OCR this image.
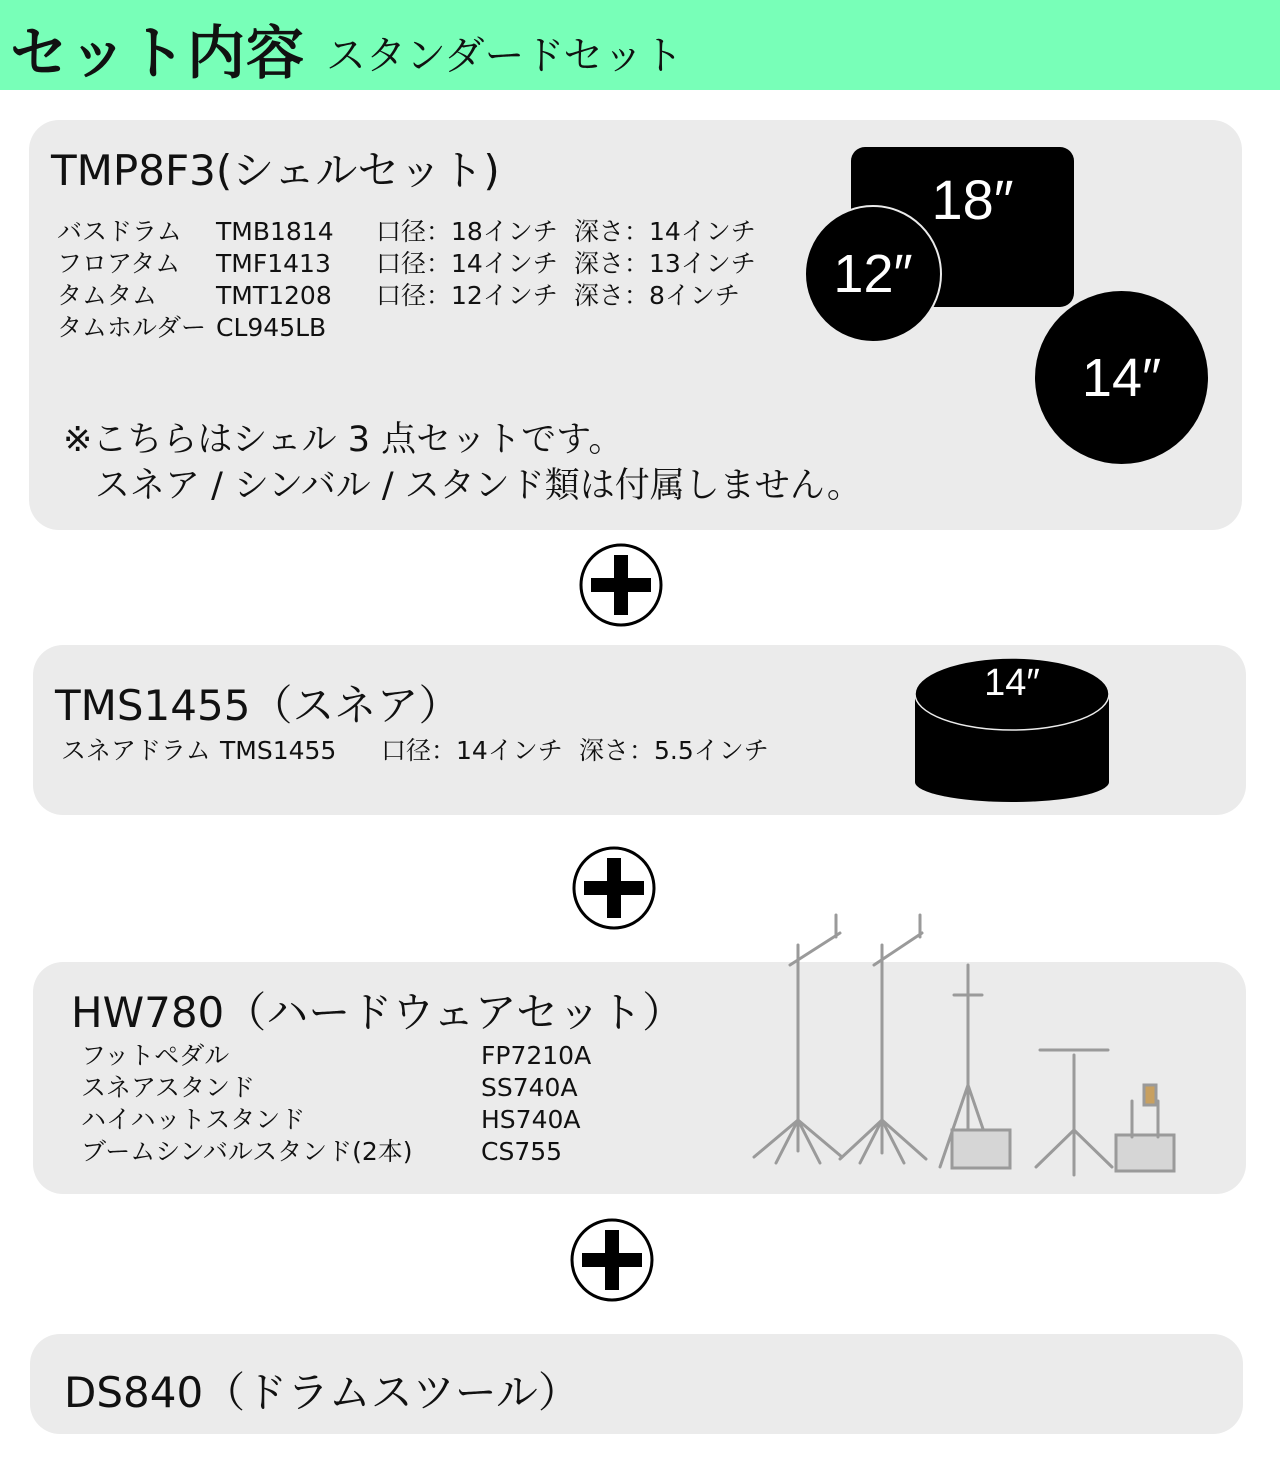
セット内容 スタンダードセット
TMP8F3(シェルセット)
バスドラム TMB1814 口径：18インチ 深さ：14インチ
フロアタム TMF1413 口径：14インチ 深さ：13インチ
タムタム TMT1208 口径：12インチ 深さ：8インチ
タムホルダー CL945LB
※こちらはシェル 3 点セットです。
スネア / シンバル / スタンド類は付属しません。
18″
12″
14″
TMS1455（スネア）
スネアドラム TMS1455 口径：14インチ 深さ：5.5インチ
14″
HW780（ハードウェアセット）
フットペダル	FP7210A
スネアスタンド	SS740A
ハイハットスタンド	HS740A
ブームシンバルスタンド(2本)	CS755
DS840（ドラムスツール）
